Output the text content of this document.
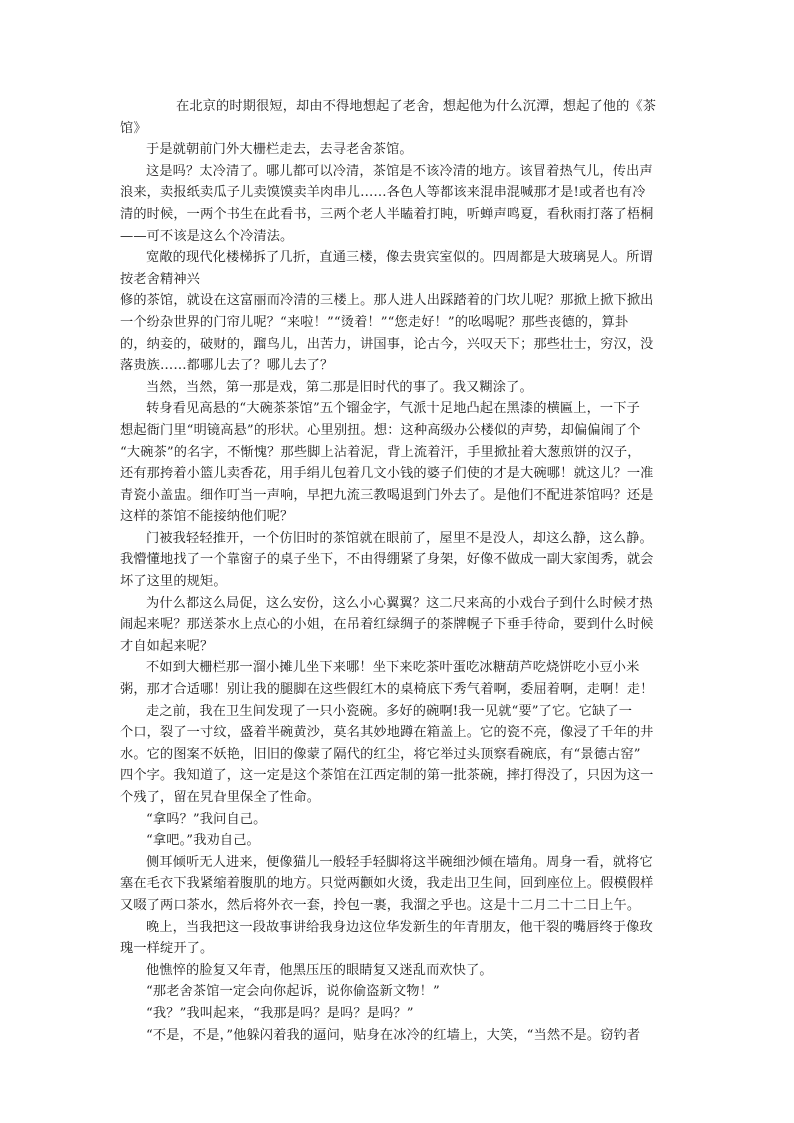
在北京的时期很短，却由不得地想起了老舍，想起他为什么沉潭，想起了他的《茶
馆》
于是就朝前门外大栅栏走去，去寻老舍茶馆。
这是吗？太冷清了。哪儿都可以冷清，茶馆是不该冷清的地方。该冒着热气儿，传出声
浪来，卖报纸卖瓜子儿卖馍馍卖羊肉串儿……各色人等都该来混串混喊那才是!或者也有冷
清的时候，一两个书生在此看书，三两个老人半瞌着打盹，听蝉声鸣夏，看秋雨打落了梧桐
——可不该是这么个冷清法。
宽敞的现代化楼梯拆了几折，直通三楼，像去贵宾室似的。四周都是大玻璃晃人。所谓
按老舍精神兴
修的茶馆，就设在这富丽而冷清的三楼上。那人进人出踩踏着的门坎儿呢？那掀上掀下掀出
一个纷杂世界的门帘儿呢？“来啦！”“烫着！”“您走好！”的吆喝呢？那些丧德的，算卦
的，纳妾的，破财的，蹓鸟儿，出苦力，讲国事，论古今，兴叹天下；那些壮士，穷汉，没
落贵族……都哪儿去了？哪儿去了？
当然，当然，第一那是戏，第二那是旧时代的事了。我又糊涂了。
转身看见高悬的“大碗茶茶馆”五个镏金字，气派十足地凸起在黑漆的横匾上，一下子
想起衙门里“明镜高悬”的形状。心里别扭。想：这种高级办公楼似的声势，却偏偏闹了个
“大碗茶”的名字，不惭愧？那些脚上沾着泥，背上流着汗，手里掀扯着大葱煎饼的汉子，
还有那挎着小篮儿卖香花，用手绢儿包着几文小钱的婆子们使的才是大碗哪！就这儿？一准
青瓷小盖盅。细作叮当一声响，早把九流三教喝退到门外去了。是他们不配进茶馆吗？还是
这样的茶馆不能接纳他们呢？
门被我轻轻推开，一个仿旧时的茶馆就在眼前了，屋里不是没人，却这么静，这么静。
我懵懂地找了一个靠窗子的桌子坐下，不由得绷紧了身架，好像不做成一副大家闺秀，就会
坏了这里的规矩。
为什么都这么局促，这么安份，这么小心翼翼？这二尺来高的小戏台子到什么时候才热
闹起来呢？那送茶水上点心的小姐，在吊着红绿绸子的茶牌幌子下垂手待命，要到什么时候
才自如起来呢？
不如到大栅栏那一溜小摊儿坐下来哪！坐下来吃茶叶蛋吃冰糖葫芦吃烧饼吃小豆小米
粥，那才合适哪！别让我的腿脚在这些假红木的桌椅底下秀气着啊，委屈着啊，走啊！走！
走之前，我在卫生间发现了一只小瓷碗。多好的碗啊!我一见就“要”了它。它缺了一
个口，裂了一寸纹，盛着半碗黄沙，莫名其妙地蹲在箱盖上。它的瓷不亮，像浸了千年的井
水。它的图案不妖艳，旧旧的像蒙了隔代的红尘，将它举过头顶察看碗底，有“景德古窑”
四个字。我知道了，这一定是这个茶馆在江西定制的第一批茶碗，摔打得没了，只因为这一
个残了，留在旯旮里保全了性命。
“拿吗？”我问自己。
“拿吧。”我劝自己。
侧耳倾听无人进来，便像猫儿一般轻手轻脚将这半碗细沙倾在墙角。周身一看，就将它
塞在毛衣下我紧缩着腹肌的地方。只觉两颧如火烫，我走出卫生间，回到座位上。假模假样
又啜了两口茶水，然后将外衣一套，拎包一裹，我溜之乎也。这是十二月二十二日上午。
晚上，当我把这一段故事讲给我身边这位华发新生的年青朋友，他干裂的嘴唇终于像玫
瑰一样绽开了。
他憔悴的脸复又年青，他黑压压的眼睛复又迷乱而欢快了。
“那老舍茶馆一定会向你起诉，说你偷盗新文物！”
“我？”我叫起来，“我那是吗？是吗？是吗？”
“不是，不是，”他躲闪着我的逼问，贴身在冰冷的红墙上，大笑，“当然不是。窃钓者
